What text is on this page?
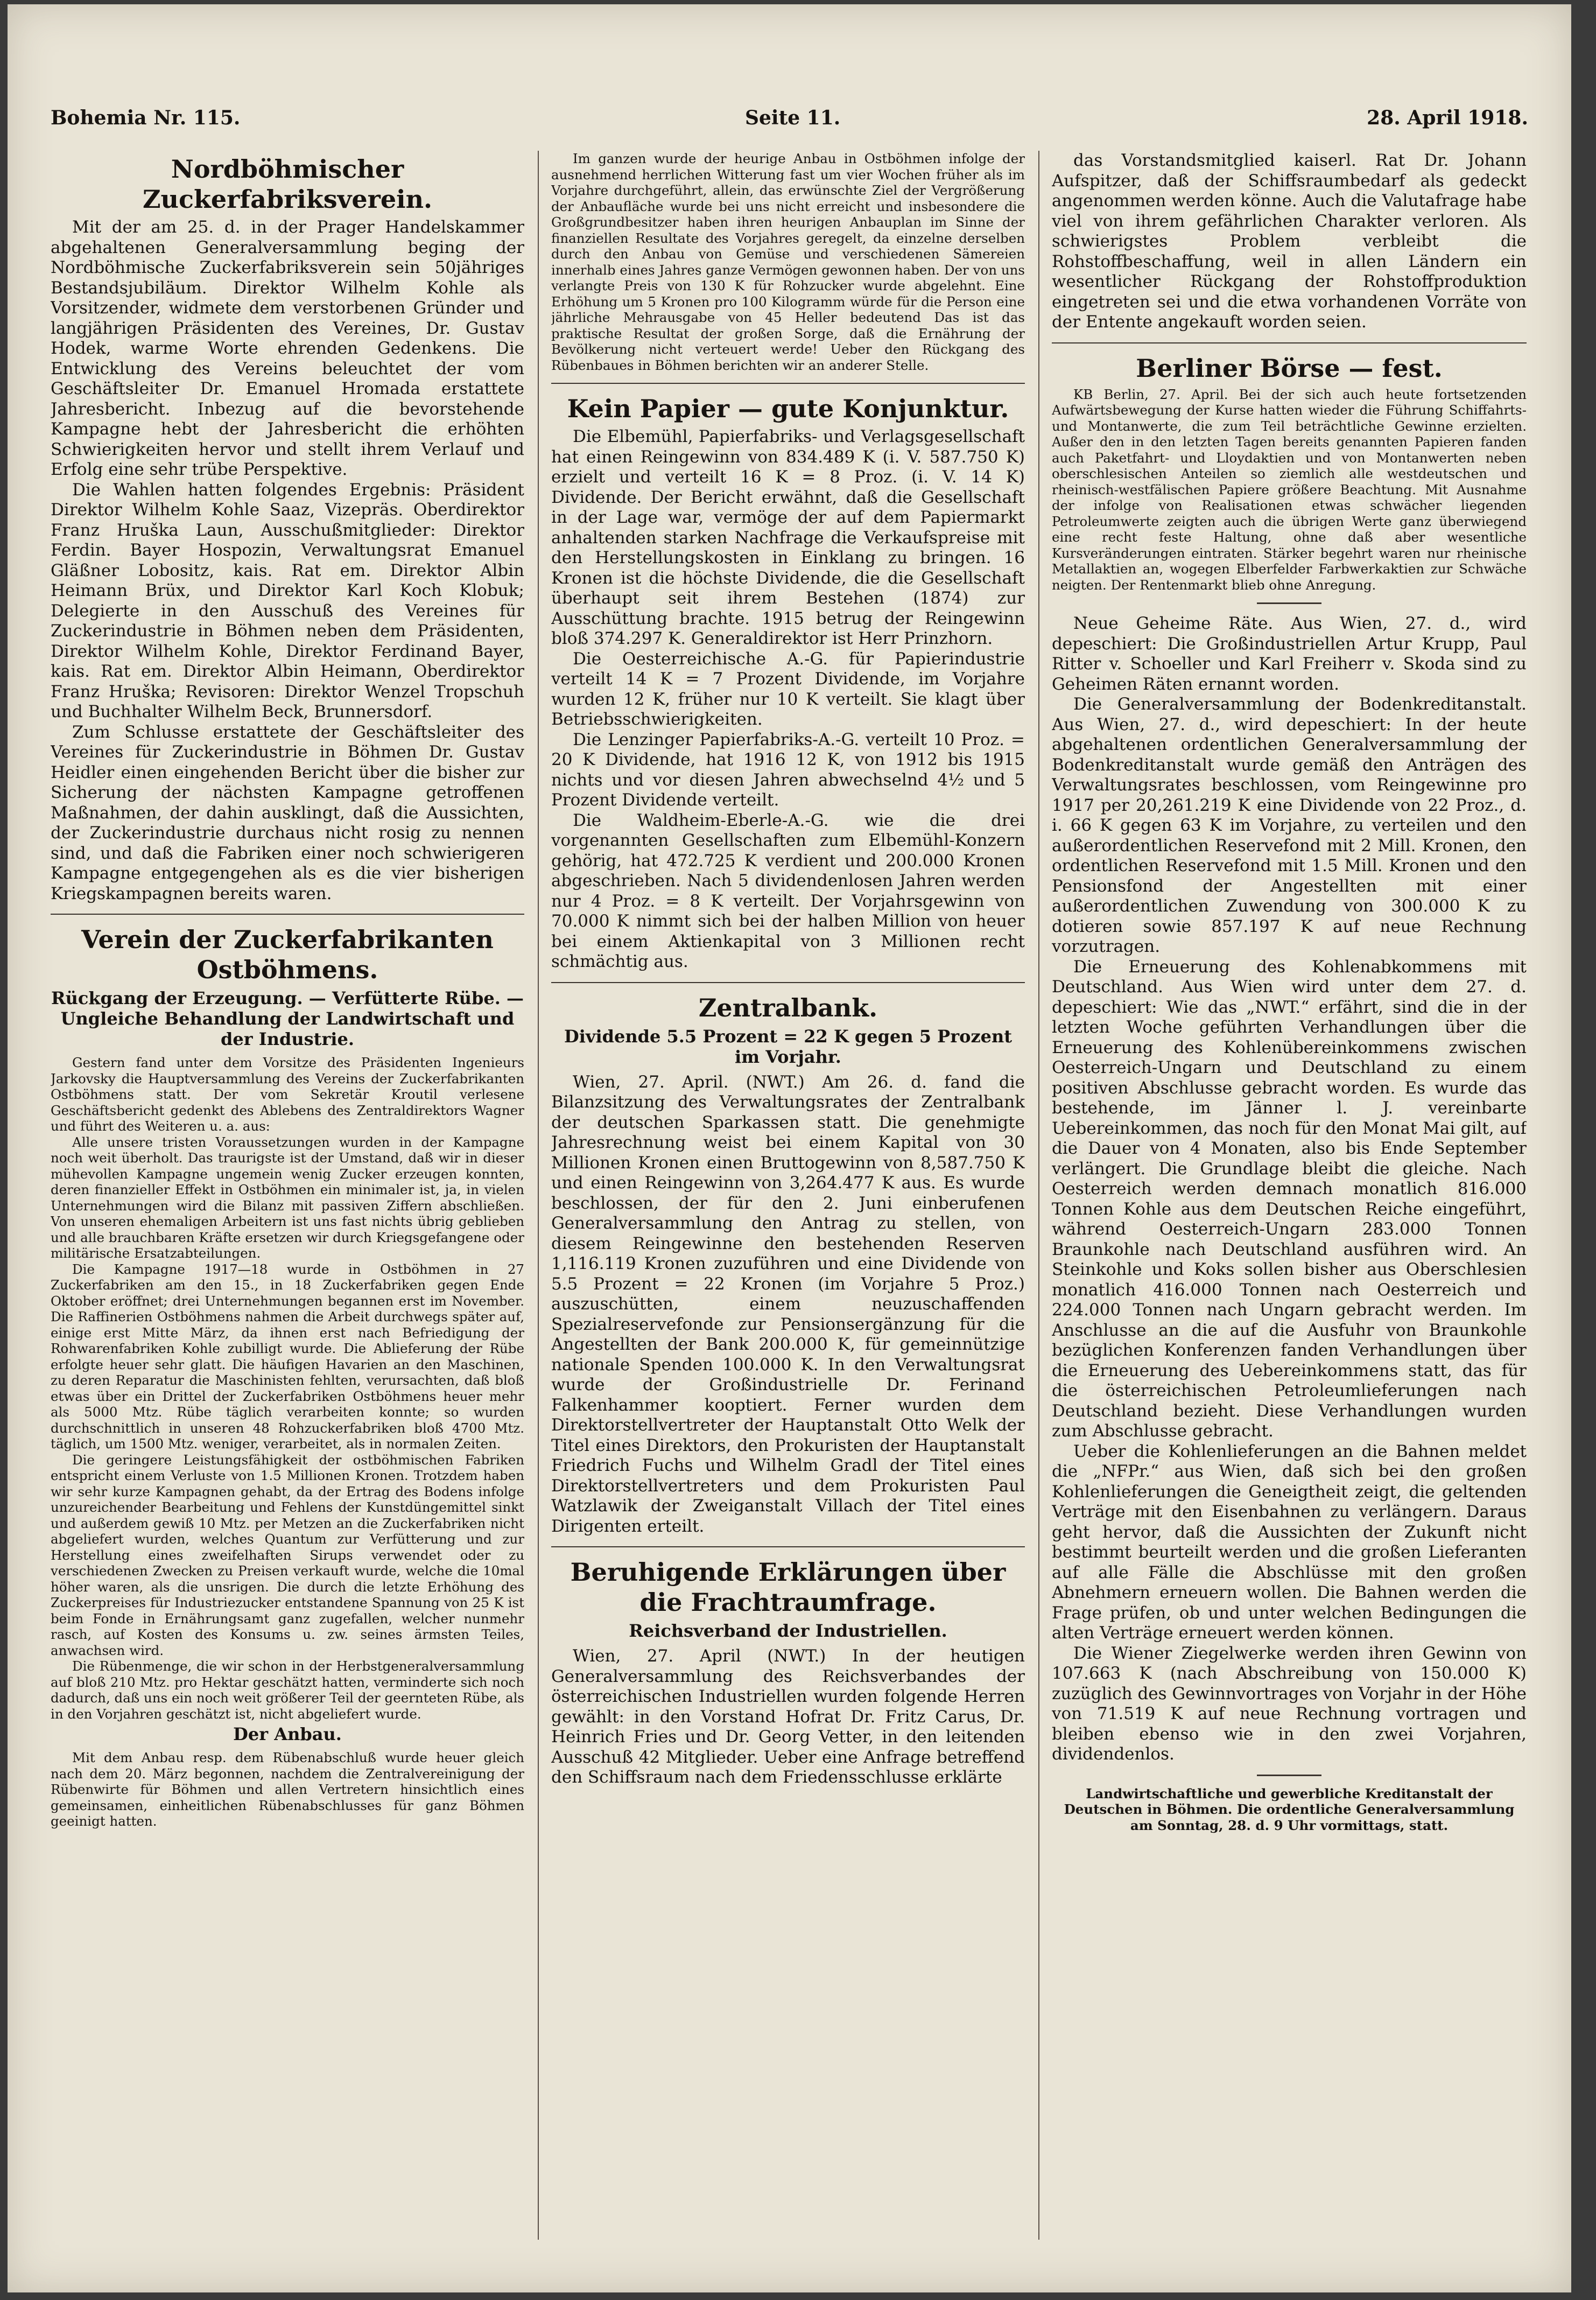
Bohemia Nr. 115.	Seite 11.	28. April 1918.
Nordböhmischer Zuckerfabriksverein.

Mit der am 25. d. in der Prager Handelskammer abgehaltenen Generalversammlung beging der Nordböhmische Zuckerfabriksverein sein 50jähriges Bestandsjubiläum. Direktor Wilhelm Kohle als Vorsitzender, widmete dem verstorbenen Gründer und langjährigen Präsidenten des Vereines, Dr. Gustav Hodek, warme Worte ehrenden Gedenkens. Die Entwicklung des Vereins beleuchtet der vom Geschäftsleiter Dr. Emanuel Hromada erstattete Jahresbericht. Inbezug auf die bevorstehende Kampagne hebt der Jahresbericht die erhöhten Schwierigkeiten hervor und stellt ihrem Verlauf und Erfolg eine sehr trübe Perspektive.

Die Wahlen hatten folgendes Ergebnis: Präsident Direktor Wilhelm Kohle Saaz, Vizepräs. Oberdirektor Franz Hruška Laun, Ausschußmitglieder: Direktor Ferdin. Bayer Hospozin, Verwaltungsrat Emanuel Gläßner Lobositz, kais. Rat em. Direktor Albin Heimann Brüx, und Direktor Karl Koch Klobuk; Delegierte in den Ausschuß des Vereines für Zuckerindustrie in Böhmen neben dem Präsidenten, Direktor Wilhelm Kohle, Direktor Ferdinand Bayer, kais. Rat em. Direktor Albin Heimann, Oberdirektor Franz Hruška; Revisoren: Direktor Wenzel Tropschuh und Buchhalter Wilhelm Beck, Brunnersdorf.

Zum Schlusse erstattete der Geschäftsleiter des Vereines für Zuckerindustrie in Böhmen Dr. Gustav Heidler einen eingehenden Bericht über die bisher zur Sicherung der nächsten Kampagne getroffenen Maßnahmen, der dahin ausklingt, daß die Aussichten, der Zuckerindustrie durchaus nicht rosig zu nennen sind, und daß die Fabriken einer noch schwierigeren Kampagne entgegengehen als es die vier bisherigen Kriegskampagnen bereits waren.

Verein der Zuckerfabrikanten Ostböhmens.
Rückgang der Erzeugung. — Verfütterte Rübe. — Ungleiche Behandlung der Landwirtschaft und der Industrie.

Gestern fand unter dem Vorsitze des Präsidenten Ingenieurs Jarkovsky die Hauptversammlung des Vereins der Zuckerfabrikanten Ostböhmens statt. Der vom Sekretär Kroutil verlesene Geschäftsbericht gedenkt des Ablebens des Zentraldirektors Wagner und führt des Weiteren u. a. aus:

Alle unsere tristen Voraussetzungen wurden in der Kampagne noch weit überholt. Das traurigste ist der Umstand, daß wir in dieser mühevollen Kampagne ungemein wenig Zucker erzeugen konnten, deren finanzieller Effekt in Ostböhmen ein minimaler ist, ja, in vielen Unternehmungen wird die Bilanz mit passiven Ziffern abschließen. Von unseren ehemaligen Arbeitern ist uns fast nichts übrig geblieben und alle brauchbaren Kräfte ersetzen wir durch Kriegsgefangene oder militärische Ersatzabteilungen.

Die Kampagne 1917—18 wurde in Ostböhmen in 27 Zuckerfabriken am den 15., in 18 Zuckerfabriken gegen Ende Oktober eröffnet; drei Unternehmungen begannen erst im November. Die Raffinerien Ostböhmens nahmen die Arbeit durchwegs später auf, einige erst Mitte März, da ihnen erst nach Befriedigung der Rohwarenfabriken Kohle zubilligt wurde. Die Ablieferung der Rübe erfolgte heuer sehr glatt. Die häufigen Havarien an den Maschinen, zu deren Reparatur die Maschinisten fehlten, verursachten, daß bloß etwas über ein Drittel der Zuckerfabriken Ostböhmens heuer mehr als 5000 Mtz. Rübe täglich verarbeiten konnte; so wurden durchschnittlich in unseren 48 Rohzuckerfabriken bloß 4700 Mtz. täglich, um 1500 Mtz. weniger, verarbeitet, als in normalen Zeiten.

Die geringere Leistungsfähigkeit der ostböhmischen Fabriken entspricht einem Verluste von 1.5 Millionen Kronen. Trotzdem haben wir sehr kurze Kampagnen gehabt, da der Ertrag des Bodens infolge unzureichender Bearbeitung und Fehlens der Kunstdüngemittel sinkt und außerdem gewiß 10 Mtz. per Metzen an die Zuckerfabriken nicht abgeliefert wurden, welches Quantum zur Verfütterung und zur Herstellung eines zweifelhaften Sirups verwendet oder zu verschiedenen Zwecken zu Preisen verkauft wurde, welche die 10mal höher waren, als die unsrigen. Die durch die letzte Erhöhung des Zuckerpreises für Industriezucker entstandene Spannung von 25 K ist beim Fonde in Ernährungsamt ganz zugefallen, welcher nunmehr rasch, auf Kosten des Konsums u. zw. seines ärmsten Teiles, anwachsen wird.

Die Rübenmenge, die wir schon in der Herbstgeneralversammlung auf bloß 210 Mtz. pro Hektar geschätzt hatten, verminderte sich noch dadurch, daß uns ein noch weit größerer Teil der geernteten Rübe, als in den Vorjahren geschätzt ist, nicht abgeliefert wurde.

Der Anbau.

Mit dem Anbau resp. dem Rübenabschluß wurde heuer gleich nach dem 20. März begonnen, nachdem die Zentralvereinigung der Rübenwirte für Böhmen und allen Vertretern hinsichtlich eines gemeinsamen, einheitlichen Rübenabschlusses für ganz Böhmen geeinigt hatten.

Im ganzen wurde der heurige Anbau in Ostböhmen infolge der ausnehmend herrlichen Witterung fast um vier Wochen früher als im Vorjahre durchgeführt, allein, das erwünschte Ziel der Vergrößerung der Anbaufläche wurde bei uns nicht erreicht und insbesondere die Großgrundbesitzer haben ihren heurigen Anbauplan im Sinne der finanziellen Resultate des Vorjahres geregelt, da einzelne derselben durch den Anbau von Gemüse und verschiedenen Sämereien innerhalb eines Jahres ganze Vermögen gewonnen haben. Der von uns verlangte Preis von 130 K für Rohzucker wurde abgelehnt. Eine Erhöhung um 5 Kronen pro 100 Kilogramm würde für die Person eine jährliche Mehrausgabe von 45 Heller bedeutend Das ist das praktische Resultat der großen Sorge, daß die Ernährung der Bevölkerung nicht verteuert werde! Ueber den Rückgang des Rübenbaues in Böhmen berichten wir an anderer Stelle.

Kein Papier — gute Konjunktur.

Die Elbemühl, Papierfabriks- und Verlagsgesellschaft hat einen Reingewinn von 834.489 K (i. V. 587.750 K) erzielt und verteilt 16 K = 8 Proz. (i. V. 14 K) Dividende. Der Bericht erwähnt, daß die Gesellschaft in der Lage war, vermöge der auf dem Papiermarkt anhaltenden starken Nachfrage die Verkaufspreise mit den Herstellungskosten in Einklang zu bringen. 16 Kronen ist die höchste Dividende, die die Gesellschaft überhaupt seit ihrem Bestehen (1874) zur Ausschüttung brachte. 1915 betrug der Reingewinn bloß 374.297 K. Generaldirektor ist Herr Prinzhorn.

Die Oesterreichische A.-G. für Papierindustrie verteilt 14 K = 7 Prozent Dividende, im Vorjahre wurden 12 K, früher nur 10 K verteilt. Sie klagt über Betriebsschwierigkeiten.

Die Lenzinger Papierfabriks-A.-G. verteilt 10 Proz. = 20 K Dividende, hat 1916 12 K, von 1912 bis 1915 nichts und vor diesen Jahren abwechselnd 4½ und 5 Prozent Dividende verteilt.

Die Waldheim-Eberle-A.-G. wie die drei vorgenannten Gesellschaften zum Elbemühl-Konzern gehörig, hat 472.725 K verdient und 200.000 Kronen abgeschrieben. Nach 5 dividendenlosen Jahren werden nur 4 Proz. = 8 K verteilt. Der Vorjahrsgewinn von 70.000 K nimmt sich bei der halben Million von heuer bei einem Aktienkapital von 3 Millionen recht schmächtig aus.

Zentralbank.
Dividende 5.5 Prozent = 22 K gegen 5 Prozent im Vorjahr.

Wien, 27. April. (NWT.) Am 26. d. fand die Bilanzsitzung des Verwaltungsrates der Zentralbank der deutschen Sparkassen statt. Die genehmigte Jahresrechnung weist bei einem Kapital von 30 Millionen Kronen einen Bruttogewinn von 8,587.750 K und einen Reingewinn von 3,264.477 K aus. Es wurde beschlossen, der für den 2. Juni einberufenen Generalversammlung den Antrag zu stellen, von diesem Reingewinne den bestehenden Reserven 1,116.119 Kronen zuzuführen und eine Dividende von 5.5 Prozent = 22 Kronen (im Vorjahre 5 Proz.) auszuschütten, einem neuzuschaffenden Spezialreservefonde zur Pensionsergänzung für die Angestellten der Bank 200.000 K, für gemeinnützige nationale Spenden 100.000 K. In den Verwaltungsrat wurde der Großindustrielle Dr. Ferinand Falkenhammer kooptiert. Ferner wurden dem Direktorstellvertreter der Hauptanstalt Otto Welk der Titel eines Direktors, den Prokuristen der Hauptanstalt Friedrich Fuchs und Wilhelm Gradl der Titel eines Direktorstellvertreters und dem Prokuristen Paul Watzlawik der Zweiganstalt Villach der Titel eines Dirigenten erteilt.

Beruhigende Erklärungen über die Frachtraumfrage.
Reichsverband der Industriellen.

Wien, 27. April (NWT.) In der heutigen Generalversammlung des Reichsverbandes der österreichischen Industriellen wurden folgende Herren gewählt: in den Vorstand Hofrat Dr. Fritz Carus, Dr. Heinrich Fries und Dr. Georg Vetter, in den leitenden Ausschuß 42 Mitglieder. Ueber eine Anfrage betreffend den Schiffsraum nach dem Friedensschlusse erklärte

das Vorstandsmitglied kaiserl. Rat Dr. Johann Aufspitzer, daß der Schiffsraumbedarf als gedeckt angenommen werden könne. Auch die Valutafrage habe viel von ihrem gefährlichen Charakter verloren. Als schwierigstes Problem verbleibt die Rohstoffbeschaffung, weil in allen Ländern ein wesentlicher Rückgang der Rohstoffproduktion eingetreten sei und die etwa vorhandenen Vorräte von der Entente angekauft worden seien.

Berliner Börse — fest.

KB Berlin, 27. April. Bei der sich auch heute fortsetzenden Aufwärtsbewegung der Kurse hatten wieder die Führung Schiffahrts- und Montanwerte, die zum Teil beträchtliche Gewinne erzielten. Außer den in den letzten Tagen bereits genannten Papieren fanden auch Paketfahrt- und Lloydaktien und von Montanwerten neben oberschlesischen Anteilen so ziemlich alle westdeutschen und rheinisch-westfälischen Papiere größere Beachtung. Mit Ausnahme der infolge von Realisationen etwas schwächer liegenden Petroleumwerte zeigten auch die übrigen Werte ganz überwiegend eine recht feste Haltung, ohne daß aber wesentliche Kursveränderungen eintraten. Stärker begehrt waren nur rheinische Metallaktien an, wogegen Elberfelder Farbwerkaktien zur Schwäche neigten. Der Rentenmarkt blieb ohne Anregung.

Neue Geheime Räte. Aus Wien, 27. d., wird depeschiert: Die Großindustriellen Artur Krupp, Paul Ritter v. Schoeller und Karl Freiherr v. Skoda sind zu Geheimen Räten ernannt worden.

Die Generalversammlung der Bodenkreditanstalt. Aus Wien, 27. d., wird depeschiert: In der heute abgehaltenen ordentlichen Generalversammlung der Bodenkreditanstalt wurde gemäß den Anträgen des Verwaltungsrates beschlossen, vom Reingewinne pro 1917 per 20,261.219 K eine Dividende von 22 Proz., d. i. 66 K gegen 63 K im Vorjahre, zu verteilen und den außerordentlichen Reservefond mit 2 Mill. Kronen, den ordentlichen Reservefond mit 1.5 Mill. Kronen und den Pensionsfond der Angestellten mit einer außerordentlichen Zuwendung von 300.000 K zu dotieren sowie 857.197 K auf neue Rechnung vorzutragen.

Die Erneuerung des Kohlenabkommens mit Deutschland. Aus Wien wird unter dem 27. d. depeschiert: Wie das „NWT.“ erfährt, sind die in der letzten Woche geführten Verhandlungen über die Erneuerung des Kohlenübereinkommens zwischen Oesterreich-Ungarn und Deutschland zu einem positiven Abschlusse gebracht worden. Es wurde das bestehende, im Jänner l. J. vereinbarte Uebereinkommen, das noch für den Monat Mai gilt, auf die Dauer von 4 Monaten, also bis Ende September verlängert. Die Grundlage bleibt die gleiche. Nach Oesterreich werden demnach monatlich 816.000 Tonnen Kohle aus dem Deutschen Reiche eingeführt, während Oesterreich-Ungarn 283.000 Tonnen Braunkohle nach Deutschland ausführen wird. An Steinkohle und Koks sollen bisher aus Oberschlesien monatlich 416.000 Tonnen nach Oesterreich und 224.000 Tonnen nach Ungarn gebracht werden. Im Anschlusse an die auf die Ausfuhr von Braunkohle bezüglichen Konferenzen fanden Verhandlungen über die Erneuerung des Uebereinkommens statt, das für die österreichischen Petroleumlieferungen nach Deutschland bezieht. Diese Verhandlungen wurden zum Abschlusse gebracht.

Ueber die Kohlenlieferungen an die Bahnen meldet die „NFPr.“ aus Wien, daß sich bei den großen Kohlenlieferungen die Geneigtheit zeigt, die geltenden Verträge mit den Eisenbahnen zu verlängern. Daraus geht hervor, daß die Aussichten der Zukunft nicht bestimmt beurteilt werden und die großen Lieferanten auf alle Fälle die Abschlüsse mit den großen Abnehmern erneuern wollen. Die Bahnen werden die Frage prüfen, ob und unter welchen Bedingungen die alten Verträge erneuert werden können.

Die Wiener Ziegelwerke werden ihren Gewinn von 107.663 K (nach Abschreibung von 150.000 K) zuzüglich des Gewinnvortrages von Vorjahr in der Höhe von 71.519 K auf neue Rechnung vortragen und bleiben ebenso wie in den zwei Vorjahren, dividendenlos.

Landwirtschaftliche und gewerbliche Kreditanstalt der Deutschen in Böhmen. Die ordentliche Generalversammlung am Sonntag, 28. d. 9 Uhr vormittags, statt.
